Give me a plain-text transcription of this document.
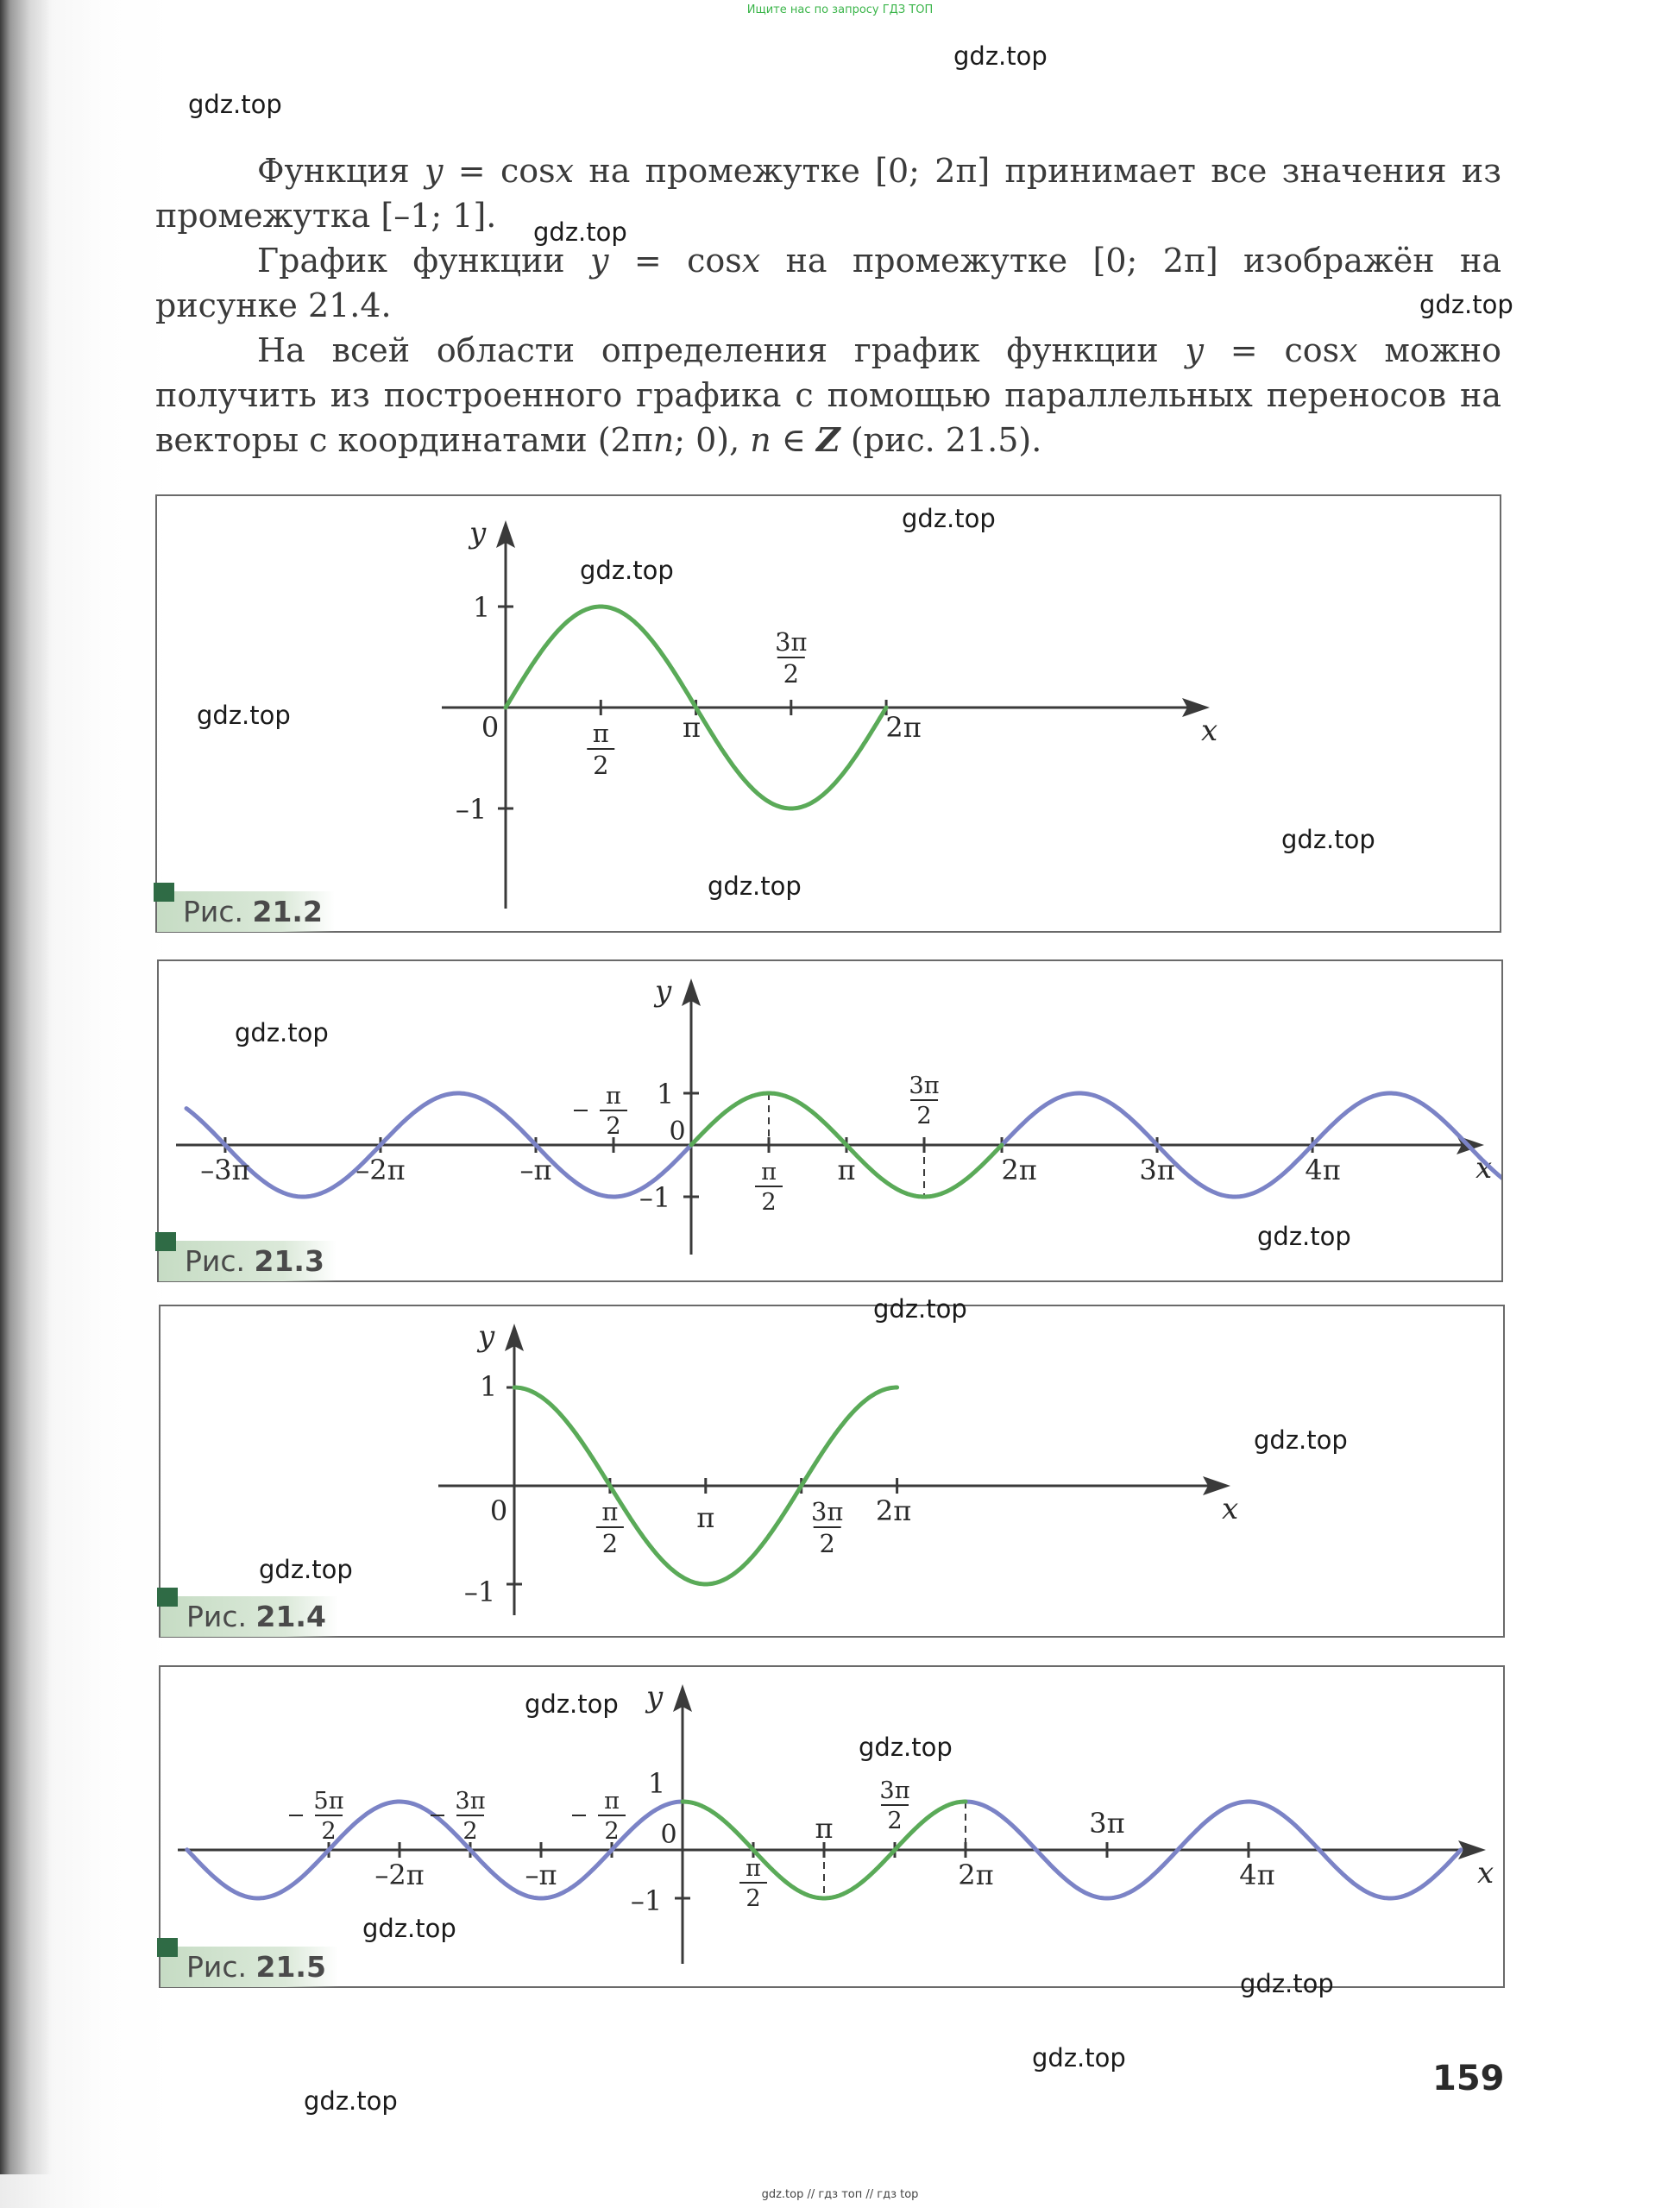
Ищите нас по запросу ГДЗ ТОП
Функция y = cosx на промежутке [0; 2π] принимает все значения из промежутка [–1; 1].
График функции y = cosx на промежутке [0; 2π] изображён на рисунке 21.4.
На всей области определения график функции y = cosx можно получить из построенного графика с помощью параллельных переносов на векторы с координатами (2πn; 0), n ∈ Z (рис. 21.5).
x
y
π
2
π
3π
2
2π
1
–1
0
Рис. 21.2
x
y
–3π	–2π	–π
π
2
π
2
π
3π
2
2π	3π	4π
1
–1
0
Рис. 21.3
x
y
π
2
π	3π
2
2π
1
–1
0
Рис. 21.4
x
y
5π
2
–2π
3π
2
–π
π
2
π
2
π
3π
2
2π
3π
4π
1
–1
0
Рис. 21.5
159
gdz.top
gdz.top
gdz.top
gdz.top
gdz.top
gdz.top
gdz.top
gdz.top
gdz.top
gdz.top
gdz.top
gdz.top
gdz.top
gdz.top
gdz.top
gdz.top
gdz.top
gdz.top
gdz.top
gdz.top
gdz.top // гдз топ // гдз top
